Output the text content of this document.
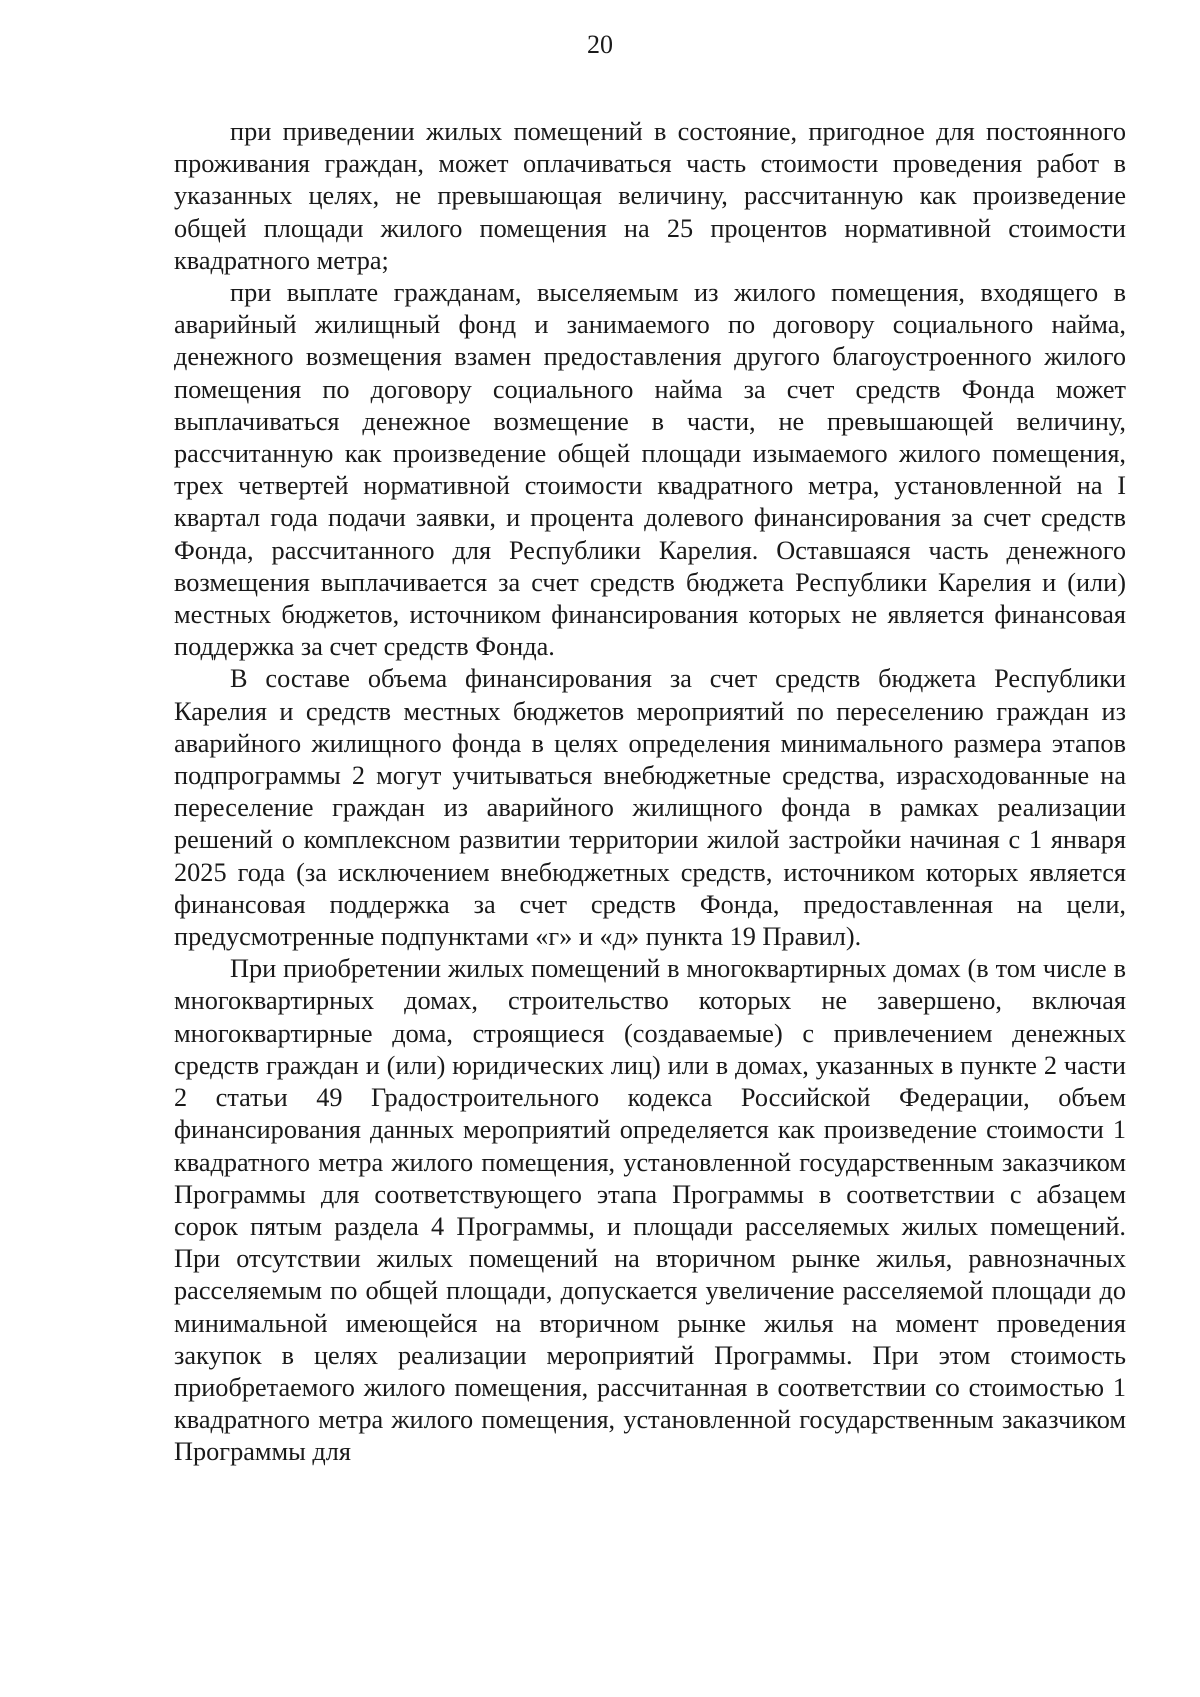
20

при приведении жилых помещений в состояние, пригодное для постоянного проживания граждан, может оплачиваться часть стоимости проведения работ в указанных целях, не превышающая величину, рассчитанную как произведение общей площади жилого помещения на 25 процентов нормативной стоимости квадратного метра;

при выплате гражданам, выселяемым из жилого помещения, входящего в аварийный жилищный фонд и занимаемого по договору социального найма, денежного возмещения взамен предоставления другого благоустроенного жилого помещения по договору социального найма за счет средств Фонда может выплачиваться денежное возмещение в части, не превышающей величину, рассчитанную как произведение общей площади изымаемого жилого помещения, трех четвертей нормативной стоимости квадратного метра, установленной на I квартал года подачи заявки, и процента долевого финансирования за счет средств Фонда, рассчитанного для Республики Карелия. Оставшаяся часть денежного возмещения выплачивается за счет средств бюджета Республики Карелия и (или) местных бюджетов, источником финансирования которых не является финансовая поддержка за счет средств Фонда.

В составе объема финансирования за счет средств бюджета Республики Карелия и средств местных бюджетов мероприятий по переселению граждан из аварийного жилищного фонда в целях определения минимального размера этапов подпрограммы 2 могут учитываться внебюджетные средства, израсходованные на переселение граждан из аварийного жилищного фонда в рамках реализации решений о комплексном развитии территории жилой застройки начиная с 1 января 2025 года (за исключением внебюджетных средств, источником которых является финансовая поддержка за счет средств Фонда, предоставленная на цели, предусмотренные подпунктами «г» и «д» пункта 19 Правил).

При приобретении жилых помещений в многоквартирных домах (в том числе в многоквартирных домах, строительство которых не завершено, включая многоквартирные дома, строящиеся (создаваемые) с привлечением денежных средств граждан и (или) юридических лиц) или в домах, указанных в пункте 2 части 2 статьи 49 Градостроительного кодекса Российской Федерации, объем финансирования данных мероприятий определяется как произведение стоимости 1 квадратного метра жилого помещения, установленной государственным заказчиком Программы для соответствующего этапа Программы в соответствии с абзацем сорок пятым раздела 4 Программы, и площади расселяемых жилых помещений. При отсутствии жилых помещений на вторичном рынке жилья, равнозначных расселяемым по общей площади, допускается увеличение расселяемой площади до минимальной имеющейся на вторичном рынке жилья на момент проведения закупок в целях реализации мероприятий Программы. При этом стоимость приобретаемого жилого помещения, рассчитанная в соответствии со стоимостью 1 квадратного метра жилого помещения, установленной государственным заказчиком Программы для
